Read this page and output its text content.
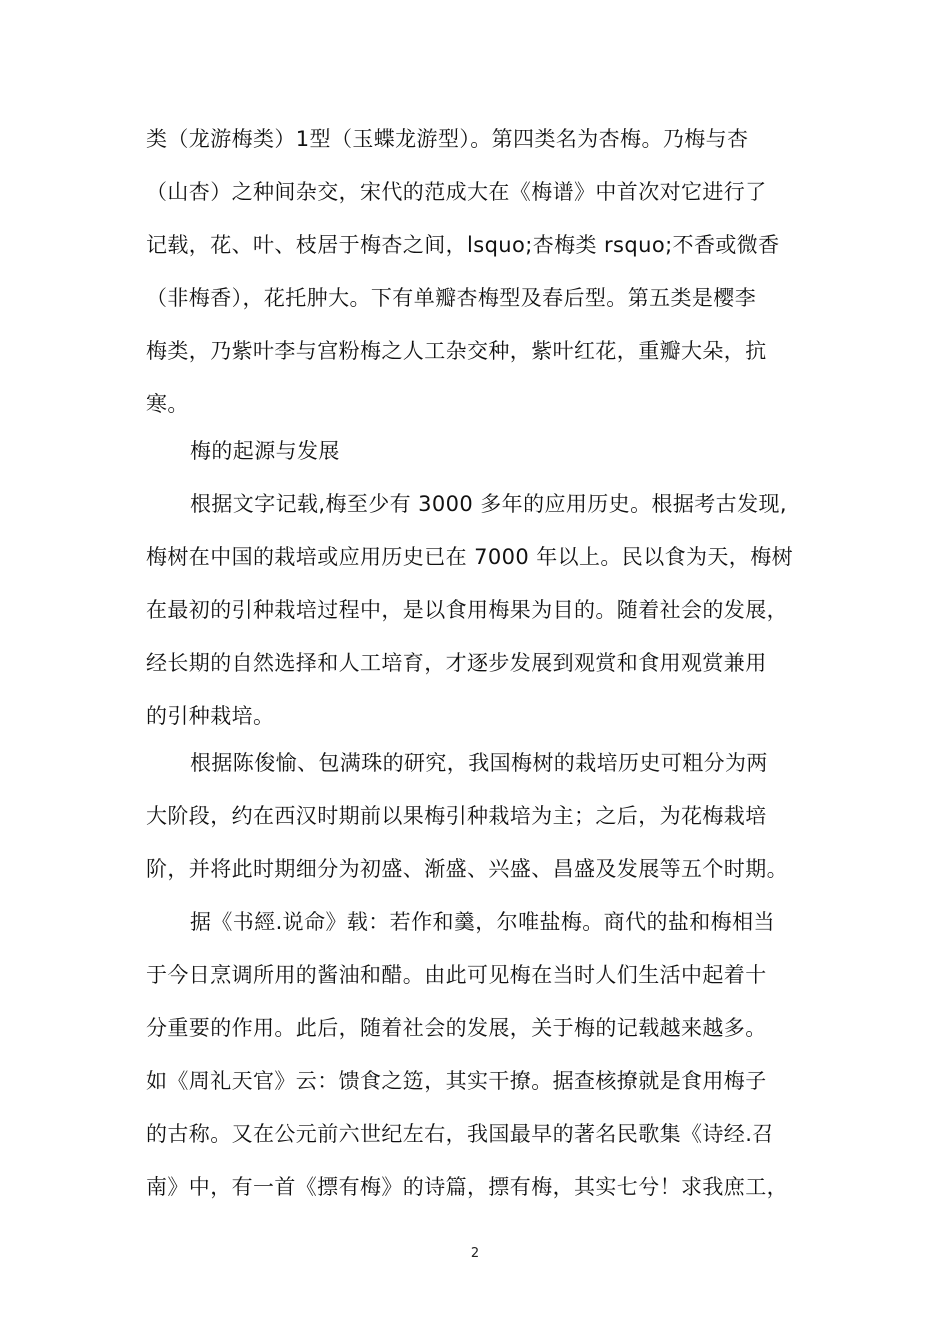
类（龙游梅类）1型（玉蝶龙游型）。第四类名为杏梅。乃梅与杏
（山杏）之种间杂交，宋代的范成大在《梅谱》中首次对它进行了
记载，花、叶、枝居于梅杏之间，lsquo;杏梅类 rsquo;不香或微香
（非梅香），花托肿大。下有单瓣杏梅型及春后型。第五类是樱李
梅类，乃紫叶李与宫粉梅之人工杂交种，紫叶红花，重瓣大朵，抗
寒。
梅的起源与发展
根据文字记载,梅至少有 3000 多年的应用历史。根据考古发现,
梅树在中国的栽培或应用历史已在 7000 年以上。民以食为天，梅树
在最初的引种栽培过程中，是以食用梅果为目的。随着社会的发展，
经长期的自然选择和人工培育，才逐步发展到观赏和食用观赏兼用
的引种栽培。
根据陈俊愉、包满珠的研究，我国梅树的栽培历史可粗分为两
大阶段，约在西汉时期前以果梅引种栽培为主；之后，为花梅栽培
阶，并将此时期细分为初盛、渐盛、兴盛、昌盛及发展等五个时期。
据《书經.说命》载：若作和羹，尔唯盐梅。商代的盐和梅相当
于今日烹调所用的酱油和醋。由此可见梅在当时人们生活中起着十
分重要的作用。此后，随着社会的发展，关于梅的记载越来越多。
如《周礼天官》云：馈食之笾，其实干撩。据查核撩就是食用梅子
的古称。又在公元前六世纪左右，我国最早的著名民歌集《诗经.召
南》中，有一首《摽有梅》的诗篇，摽有梅，其实七兮！求我庶工，
2
